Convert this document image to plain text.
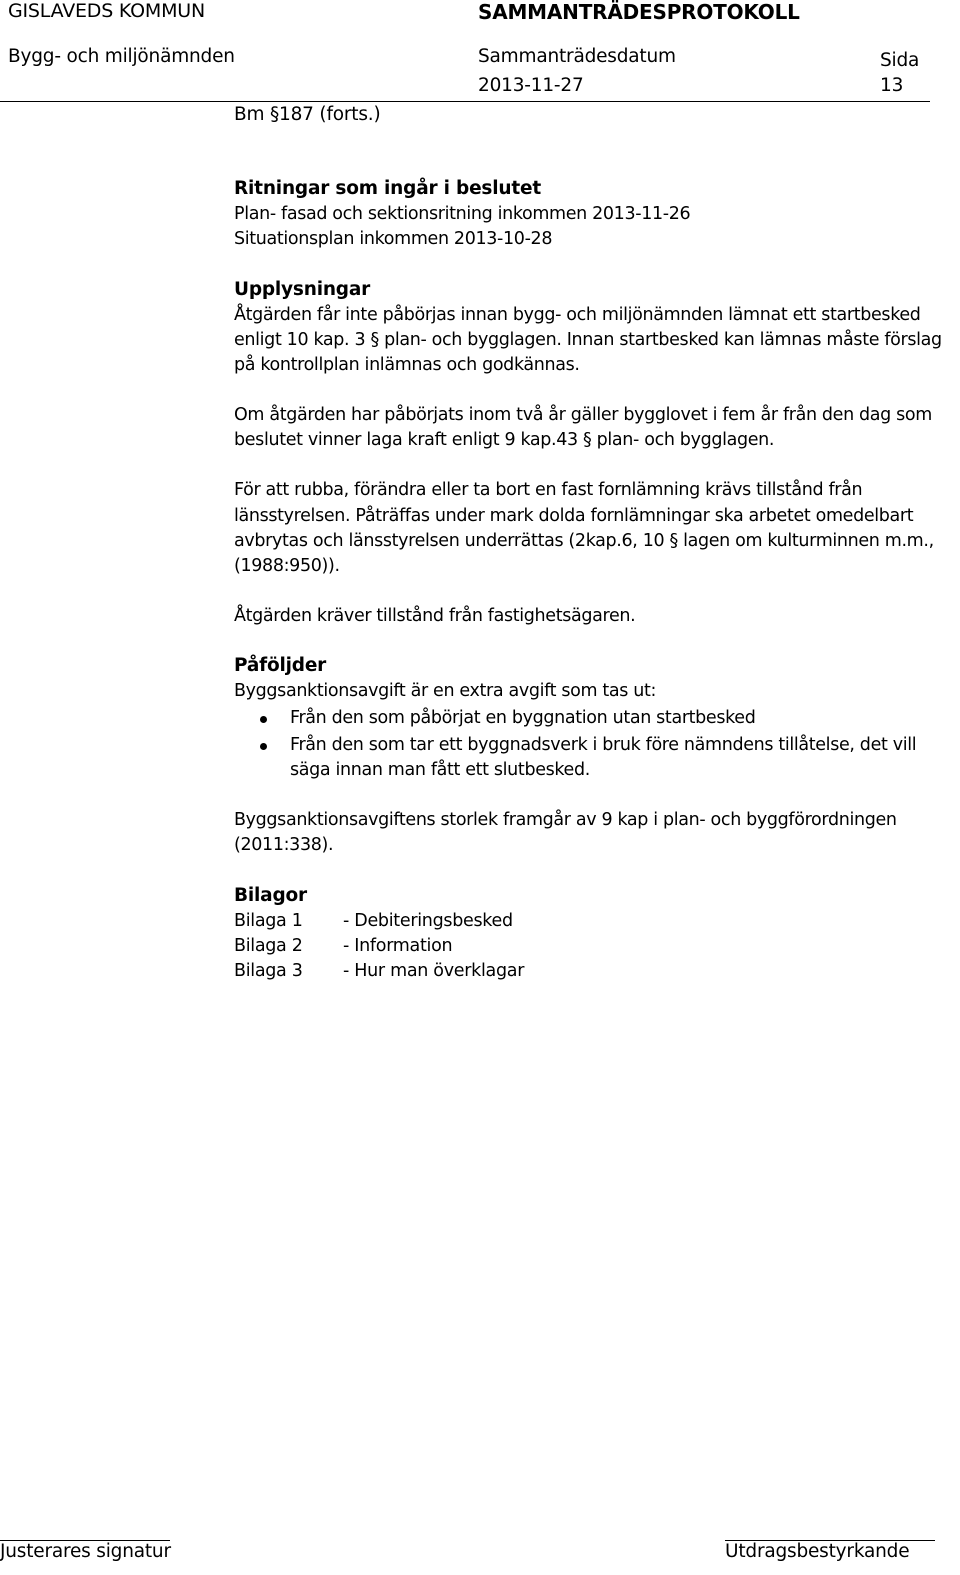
GISLAVEDS KOMMUN	SAMMANTRÄDESPROTOKOLL
Bygg- och miljönämnden	Sammanträdesdatum	Sida
2013-11-27	13
Bm §187 (forts.)
Ritningar som ingår i beslutet
Plan- fasad och sektionsritning inkommen 2013-11-26
Situationsplan inkommen 2013-10-28
Upplysningar
Åtgärden får inte påbörjas innan bygg- och miljönämnden lämnat ett startbesked
enligt 10 kap. 3 § plan- och bygglagen. Innan startbesked kan lämnas måste förslag
på kontrollplan inlämnas och godkännas.
Om åtgärden har påbörjats inom två år gäller bygglovet i fem år från den dag som
beslutet vinner laga kraft enligt 9 kap.43 § plan- och bygglagen.
För att rubba, förändra eller ta bort en fast fornlämning krävs tillstånd från
länsstyrelsen. Påträffas under mark dolda fornlämningar ska arbetet omedelbart
avbrytas och länsstyrelsen underrättas (2kap.6, 10 § lagen om kulturminnen m.m.,
(1988:950)).
Åtgärden kräver tillstånd från fastighetsägaren.
Påföljder
Byggsanktionsavgift är en extra avgift som tas ut:
Från den som påbörjat en byggnation utan startbesked
Från den som tar ett byggnadsverk i bruk före nämndens tillåtelse, det vill
säga innan man fått ett slutbesked.
Byggsanktionsavgiftens storlek framgår av 9 kap i plan- och byggförordningen
(2011:338).
Bilagor
Bilaga 1 - Debiteringsbesked
Bilaga 2 - Information
Bilaga 3 - Hur man överklagar
Justerares signatur	Utdragsbestyrkande
